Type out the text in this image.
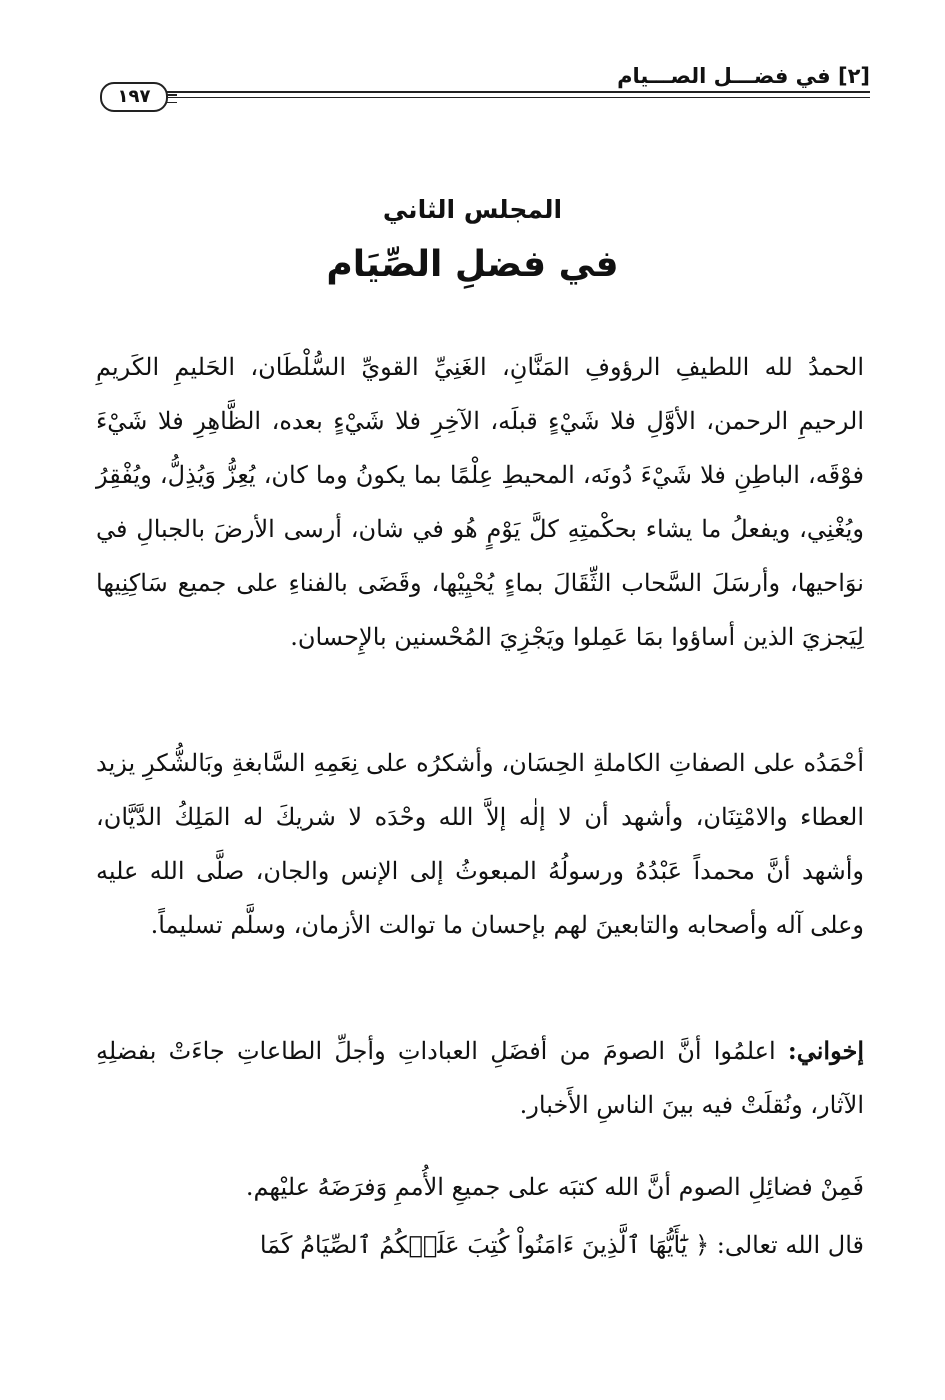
[٢] في فضـــل الصـــيام
١٩٧
المجلس الثاني
في فضلِ الصِّيَام
الحمدُ لله اللطيفِ الرؤوفِ المَنَّانِ، الغَنِيِّ القويِّ السُّلْطَان، الحَليمِ الكَريمِ الرحيمِ الرحمن، الأوَّلِ فلا شَيْءٍ قبلَه، الآخِرِ فلا شَيْءٍ بعده، الظَّاهِرِ فلا شَيْءَ فوْقَه، الباطِنِ فلا شَيْءَ دُونَه، المحيطِ عِلْمًا بما يكونُ وما كان، يُعِزُّ وَيُذِلُّ، ويُفْقِرُ ويُغْنِي، ويفعلُ ما يشاء بحكْمتِهِ كلَّ يَوْمٍ هُو في شان، أرسى الأرضَ بالجبالِ في نوَاحيها، وأرسَلَ السَّحاب الثِّقَالَ بماءٍ يُحْيِيْها، وقَضَى بالفناءِ على جميع سَاكِنِيها لِيَجزيَ الذين أساؤوا بمَا عَمِلوا ويَجْزِيَ المُحْسنين بالإِحسان.
أحْمَدُه على الصفاتِ الكاملةِ الحِسَان، وأشكرُه على نِعَمِهِ السَّابغةِ وبَالشُّكرِ يزيد العطاء والامْتِنَان، وأشهد أن لا إلٰه إلاَّ الله وحْدَه لا شريكَ له المَلِكُ الدَّيَّان، وأشهد أنَّ محمداً عَبْدُهُ ورسولُهُ المبعوثُ إلى الإنس والجان، صلَّى الله عليه وعلى آله وأصحابه والتابعينَ لهم بإحسان ما توالت الأزمان، وسلَّم تسليماً.
إخواني: اعلمُوا أنَّ الصومَ من أفضَلِ العباداتِ وأجلِّ الطاعاتِ جاءَتْ بفضلِهِ الآثار، ونُقلَتْ فيه بينَ الناسِ الأَخبار.
فَمِنْ فضائِلِ الصوم أنَّ الله كتبَه على جميعِ الأُممِ وَفرَضَهُ عليْهم.
قال الله تعالى: ﴿ يَٰٓأَيُّهَا ٱلَّذِينَ ءَامَنُواْ كُتِبَ عَلَيۡكُمُ ٱلصِّيَامُ كَمَا
